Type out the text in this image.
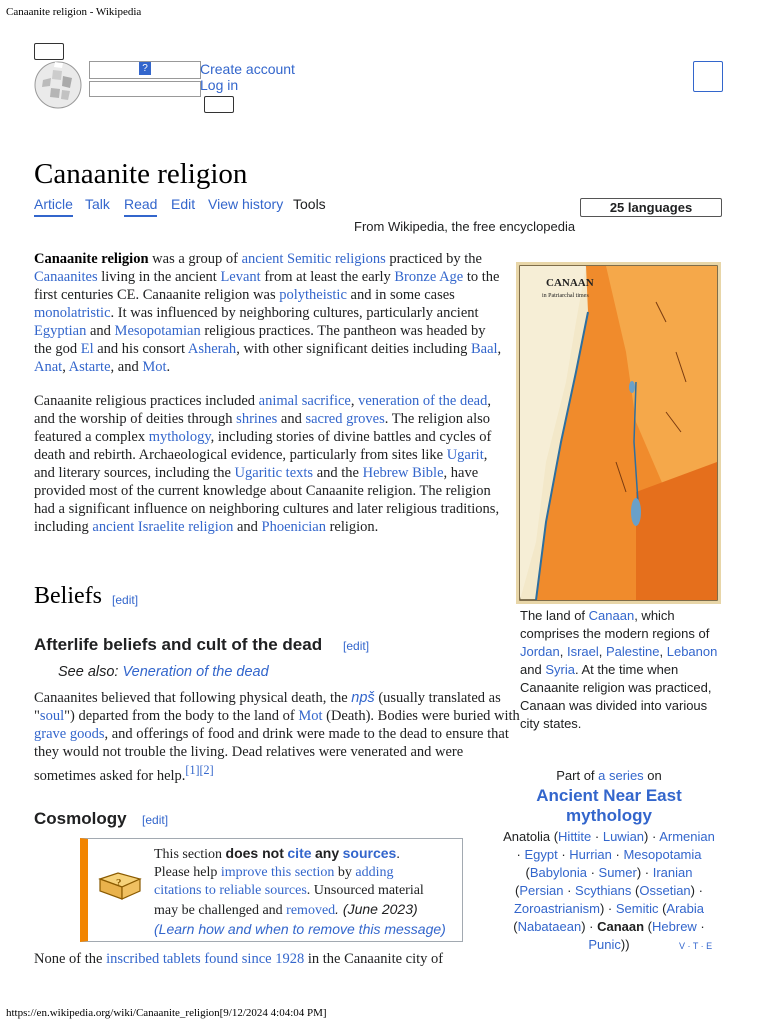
Canaanite religion - Wikipedia
?	Create account
Log in
Canaanite religion
Article Talk Read Edit View history Tools	25 languages
From Wikipedia, the free encyclopedia
Canaanite religion was a group of ancient Semitic religions practiced by the Canaanites living in the ancient Levant from at least the early Bronze Age to the first centuries CE. Canaanite religion was polytheistic and in some cases monolatristic. It was influenced by neighboring cultures, particularly ancient Egyptian and Mesopotamian religious practices. The pantheon was headed by the god El and his consort Asherah, with other significant deities including Baal, Anat, Astarte, and Mot.
Canaanite religious practices included animal sacrifice, veneration of the dead, and the worship of deities through shrines and sacred groves. The religion also featured a complex mythology, including stories of divine battles and cycles of death and rebirth. Archaeological evidence, particularly from sites like Ugarit, and literary sources, including the Ugaritic texts and the Hebrew Bible, have provided most of the current knowledge about Canaanite religion. The religion had a significant influence on neighboring cultures and later religious traditions, including ancient Israelite religion and Phoenician religion.
Beliefs [edit]
Afterlife beliefs and cult of the dead [edit]
See also: Veneration of the dead
Canaanites believed that following physical death, the npš (usually translated as "soul") departed from the body to the land of Mot (Death). Bodies were buried with grave goods, and offerings of food and drink were made to the dead to ensure that they would not trouble the living. Dead relatives were venerated and were sometimes asked for help.[1][2]
Cosmology [edit]
?
This section does not cite any sources.
Please help improve this section by adding
citations to reliable sources. Unsourced material may be challenged and removed. (June 2023)
(Learn how and when to remove this message)
None of the inscribed tablets found since 1928 in the Canaanite city of
CANAAN
in Patriarchal times
The land of Canaan, which comprises the modern regions of Jordan, Israel, Palestine, Lebanon and Syria. At the time when Canaanite religion was practiced, Canaan was divided into various city states.
Part of a series on
Ancient Near East mythology
Anatolia (Hittite · Luwian) · Armenian
· Egypt · Hurrian · Mesopotamia
(Babylonia · Sumer) · Iranian
(Persian · Scythians (Ossetian) ·
Zoroastrianism) · Semitic (Arabia
(Nabataean) · Canaan (Hebrew ·
Punic))	V · T · E
https://en.wikipedia.org/wiki/Canaanite_religion[9/12/2024 4:04:04 PM]
